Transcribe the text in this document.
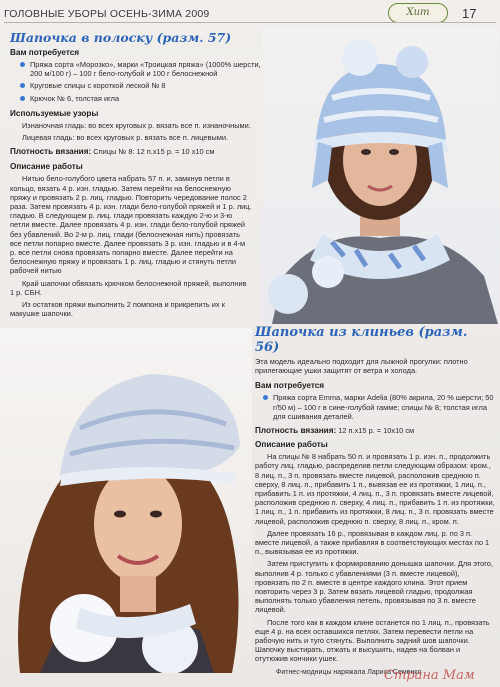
ГОЛОВНЫЕ УБОРЫ ОСЕНЬ-ЗИМА 2009	Хит	17
Шапочка в полоску (разм. 57)
Вам потребуется
Пряжа сорта «Морозко», марки «Троицкая пряжа» (1000% шерсти, 200 м/100 г) – 100 г бело-голубой и 100 г белоснежной
Круговые спицы с короткой леской № 8
Крючок № 6, толстая игла
Используемые узоры
Изнаночная гладь: во всех круговых р. вязать все п. изнаночными.
Лицевая гладь: во всех круговых р. вязать все п. лицевыми.
Плотность вязания: Спицы № 8: 12 п.х15 р. = 10 х10 см
Описание работы
Нитью бело-голубого цвета набрать 57 п. и, замкнув петли в кольцо, вязать 4 р. изн. гладью. Затем перейти на белоснежную пряжу и провязать 2 р. лиц. гладью. Повторить чередование полос 2 раза. Затем провязать 4 р. изн. глади бело-голубой пряжей и 1 р. лиц. гладью. В следующем р. лиц. глади провязать каждую 2-ю и 3-ю петли вместе. Далее провязать 4 р. изн. глади бело-голубой пряжей без убавлений. Во 2-м р. лиц. глади (белоснежная нить) провязать все петли попарно вместе. Далее провязать 3 р. изн. гладью и в 4-м р. все петли снова провязать попарно вместе. Далее перейти на белоснежную пряжу и провязать 1 р. лиц. гладью и стянуть петли рабочей нитью
Край шапочки обвязать крючком белоснежной пряжей, выполнив 1 р. СБН.
Из остатков пряжи выполнить 2 помпона и прикрепить их к макушке шапочки.
Шапочка из клиньев (разм. 56)
Эта модель идеально подходит для лыжной прогулки: плотно прилегающие ушки защитят от ветра и холода.
Вам потребуется
Пряжа сорта Emma, марки Adelia (80% акрила, 20 % шерсти; 50 г/50 м) – 100 г в сине-голубой гамме; спицы № 8; толстая игла для сшивания деталей.
Плотность вязания: 12 п.х15 р. = 10х10 см
Описание работы
На спицы № 8 набрать 50 п. и провязать 1 р. изн. п., продолжить работу лиц. гладью, распределив петли следующим образом: кром., 8 лиц. п., 3 п. провязать вместе лицевой, расположив среднюю п. сверху, 8 лиц. п., прибавить 1 п., вывязав ее из протяжки, 1 лиц. п., прибавить 1 п. из протяжки, 4 лиц. п., 3 п. провязать вместе лицевой, расположив среднюю п. сверху, 4 лиц. п., прибавить 1 п. из протяжки, 1 лиц. п., 1 п. прибавить из протяжки, 8 лиц. п., 3 п. провязать вместе лицевой, расположив среднюю п. сверху, 8 лиц. п., кром. п.
Далее провязать 16 р., провязывая в каждом лиц. р. по 3 п. вместе лицевой, а также прибавляя в соответствующих местах по 1 п., вывязывая ее из протяжки.
Затем приступить к формированию донышка шапочки. Для этого, выполнив 4 р. только с убавлениями (3 п. вместе лицевой), провязать по 2 п. вместе в центре каждого клина. Этот прием повторить через 3 р. Затем вязать лицевой гладью, продолжая выполнять только убавления петель, провязывая по 3 п. вместе лицевой.
После того как в каждом клине останется по 1 лиц. п., провязать еще 4 р. на всех оставшихся петлях. Затем перевести петли на рабочую нить и туго стянуть. Выполнить задний шов шапочки. Шапочку выстирать, отжать и высушить, надев на болван и отутюжив кончики ушек.
Фитнес-модницы наряжала Лариса Семенко
Страна Мам
